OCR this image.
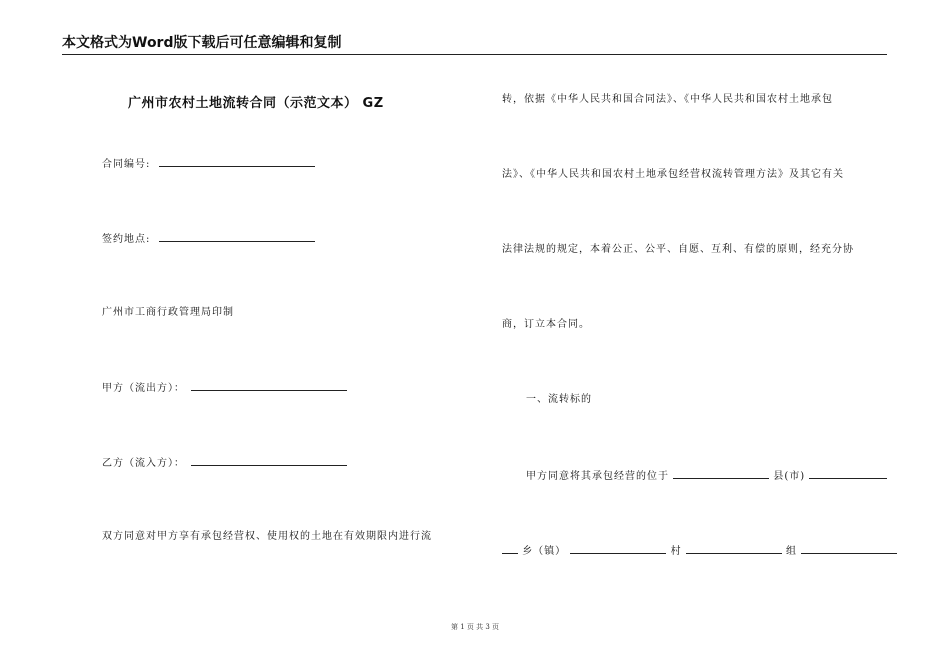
本文格式为Word版下载后可任意编辑和复制
广州市农村土地流转合同（示范文本） GZ
合同编号:
签约地点:
广州市工商行政管理局印制
甲方（流出方）：
乙方（流入方）：
双方同意对甲方享有承包经营权、使用权的土地在有效期限内进行流
转，依据《中华人民共和国合同法》、《中华人民共和国农村土地承包
法》、《中华人民共和国农村土地承包经营权流转管理方法》及其它有关
法律法规的规定，本着公正、公平、自愿、互利、有偿的原则，经充分协
商，订立本合同。
一、流转标的
甲方同意将其承包经营的位于	县(市)
乡（镇）	村	组
第 1 页 共 3 页
